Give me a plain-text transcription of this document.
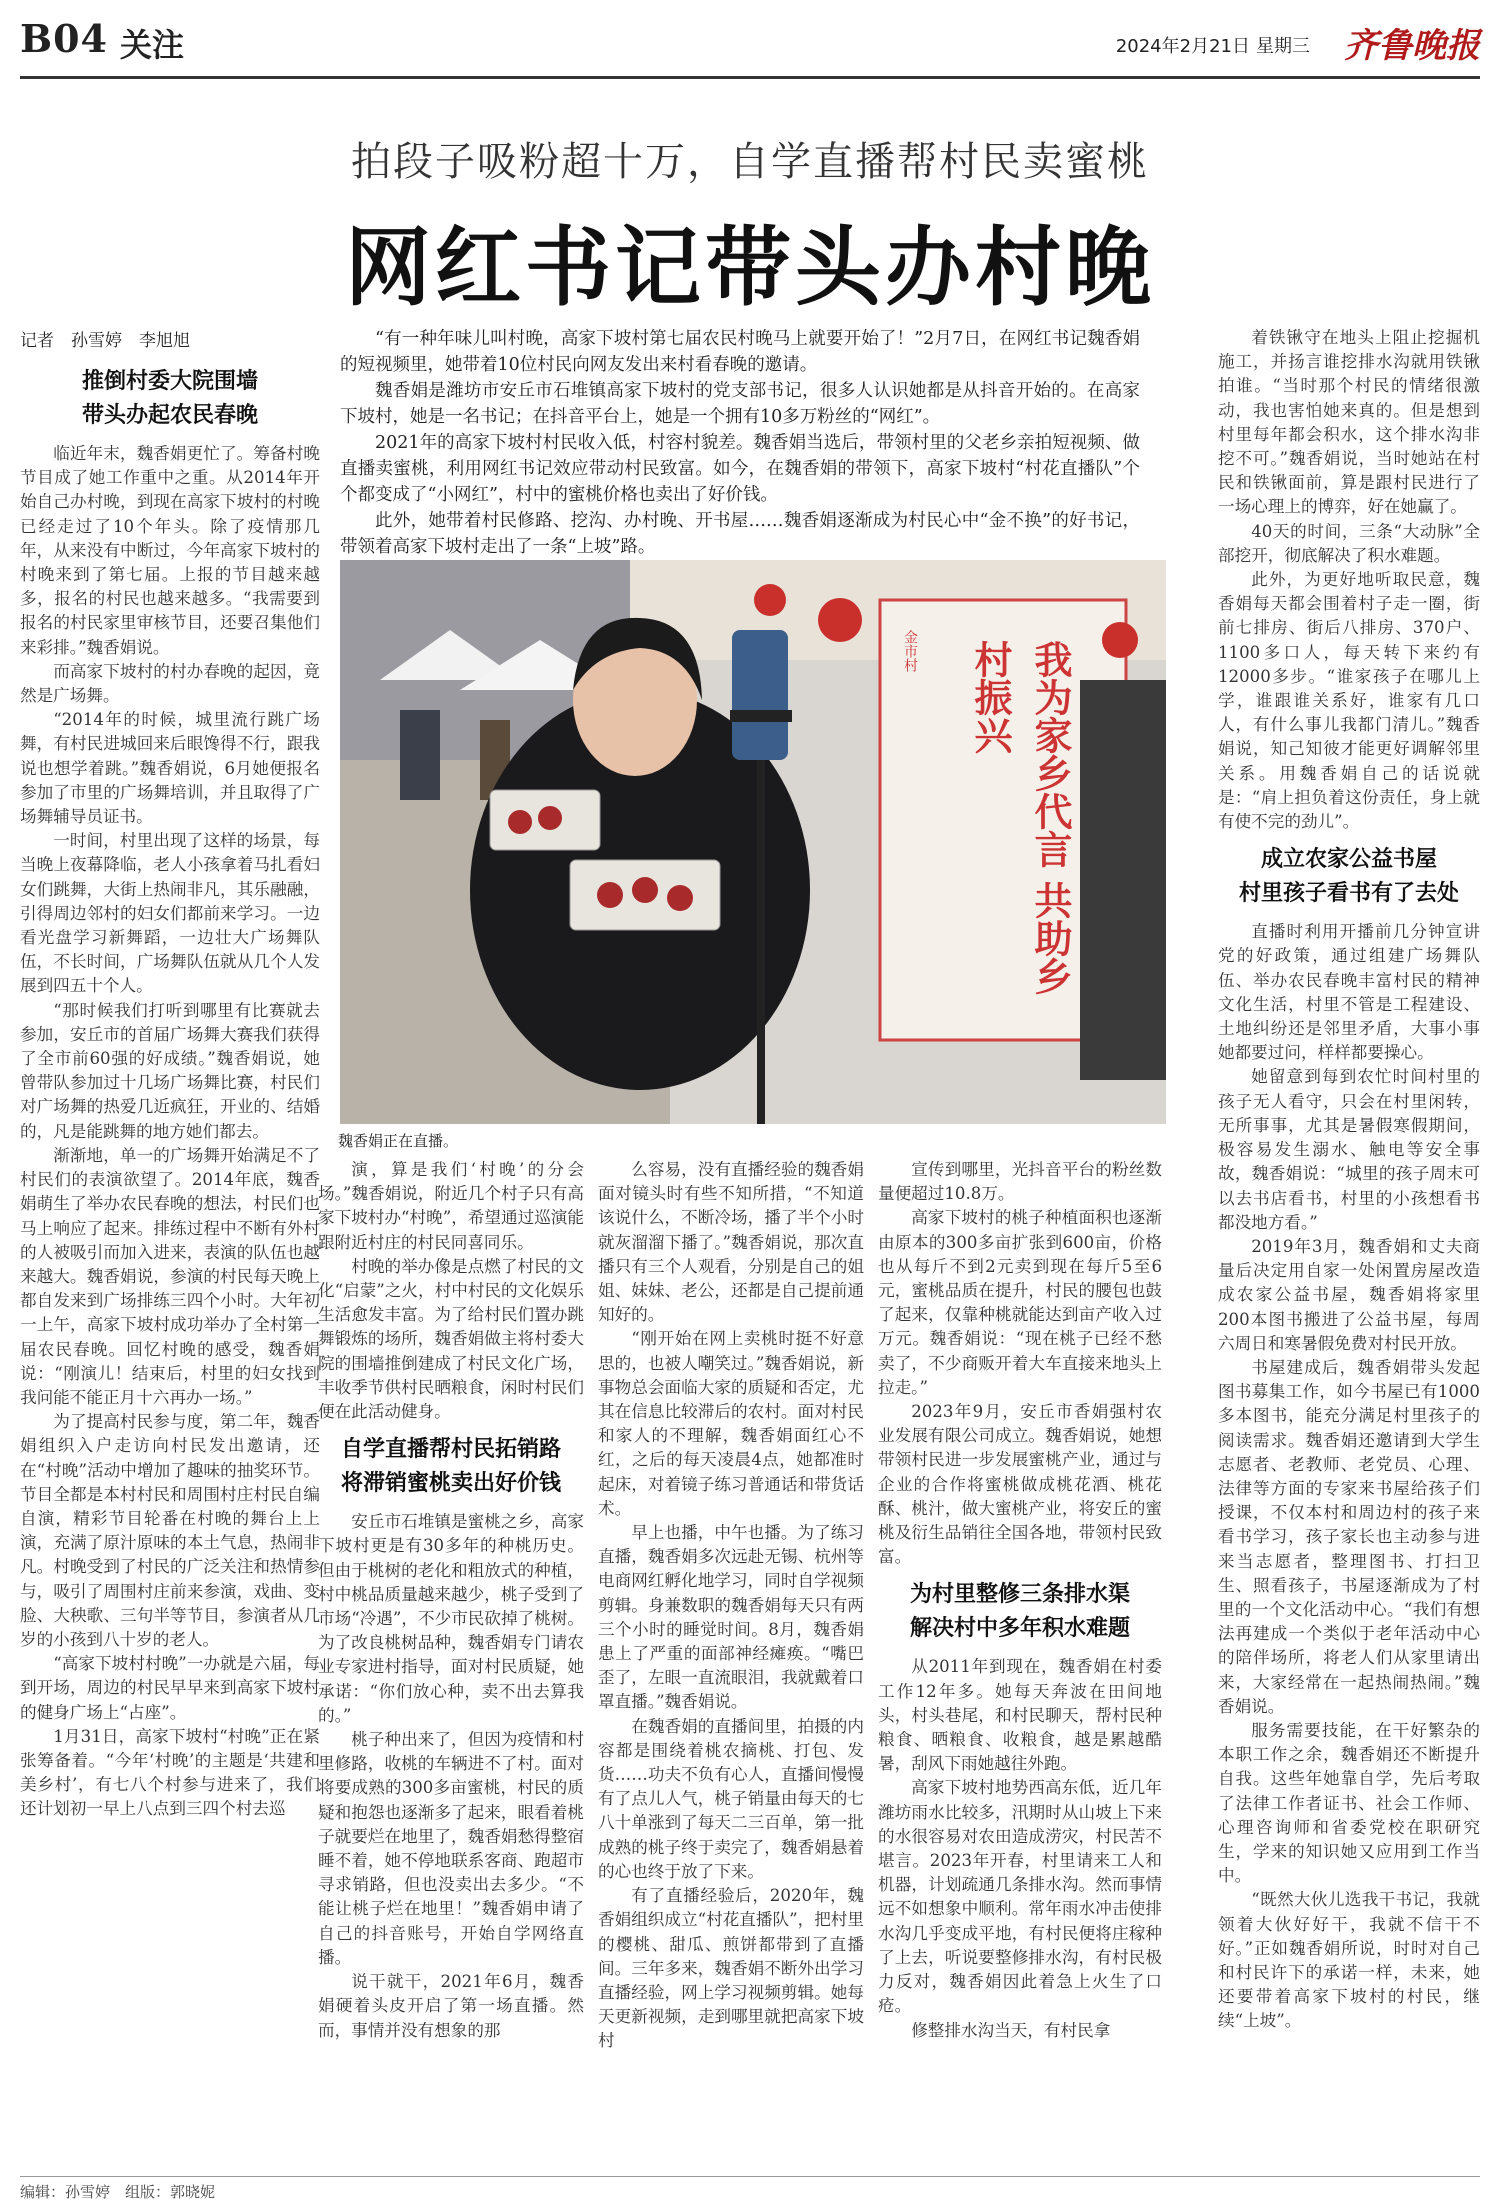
B04 关注	2024年2月21日 星期三 齐鲁晚报
拍段子吸粉超十万，自学直播帮村民卖蜜桃
网红书记带头办村晚
记者　孙雪婷　李旭旭	“有一种年味儿叫村晚，高家下坡村第七届农民村晚马上就要开始了！”2月7日，在网红书记魏香娟的短视频里，她带着10位村民向网友发出来村看春晚的邀请。

魏香娟是潍坊市安丘市石堆镇高家下坡村的党支部书记，很多人认识她都是从抖音开始的。在高家下坡村，她是一名书记；在抖音平台上，她是一个拥有10多万粉丝的“网红”。

2021年的高家下坡村村民收入低，村容村貌差。魏香娟当选后，带领村里的父老乡亲拍短视频、做直播卖蜜桃，利用网红书记效应带动村民致富。如今，在魏香娟的带领下，高家下坡村“村花直播队”个个都变成了“小网红”，村中的蜜桃价格也卖出了好价钱。

此外，她带着村民修路、挖沟、办村晚、开书屋……魏香娟逐渐成为村民心中“金不换”的好书记，带领着高家下坡村走出了一条“上坡”路。

金市村	我为家乡代言 共助乡村振兴
魏香娟正在直播。
推倒村委大院围墙
带头办起农民春晚

临近年末，魏香娟更忙了。筹备村晚节目成了她工作重中之重。从2014年开始自己办村晚，到现在高家下坡村的村晚已经走过了10个年头。除了疫情那几年，从来没有中断过，今年高家下坡村的村晚来到了第七届。上报的节目越来越多，报名的村民也越来越多。“我需要到报名的村民家里审核节目，还要召集他们来彩排。”魏香娟说。

而高家下坡村的村办春晚的起因，竟然是广场舞。

“2014年的时候，城里流行跳广场舞，有村民进城回来后眼馋得不行，跟我说也想学着跳。”魏香娟说，6月她便报名参加了市里的广场舞培训，并且取得了广场舞辅导员证书。

一时间，村里出现了这样的场景，每当晚上夜幕降临，老人小孩拿着马扎看妇女们跳舞，大街上热闹非凡，其乐融融，引得周边邻村的妇女们都前来学习。一边看光盘学习新舞蹈，一边壮大广场舞队伍，不长时间，广场舞队伍就从几个人发展到四五十个人。

“那时候我们打听到哪里有比赛就去参加，安丘市的首届广场舞大赛我们获得了全市前60强的好成绩。”魏香娟说，她曾带队参加过十几场广场舞比赛，村民们对广场舞的热爱几近疯狂，开业的、结婚的，凡是能跳舞的地方她们都去。

渐渐地，单一的广场舞开始满足不了村民们的表演欲望了。2014年底，魏香娟萌生了举办农民春晚的想法，村民们也马上响应了起来。排练过程中不断有外村的人被吸引而加入进来，表演的队伍也越来越大。魏香娟说，参演的村民每天晚上都自发来到广场排练三四个小时。大年初一上午，高家下坡村成功举办了全村第一届农民春晚。回忆村晚的感受，魏香娟说：“刚演儿！结束后，村里的妇女找到我问能不能正月十六再办一场。”

为了提高村民参与度，第二年，魏香娟组织入户走访向村民发出邀请，还在“村晚”活动中增加了趣味的抽奖环节。节目全都是本村村民和周围村庄村民自编自演，精彩节目轮番在村晚的舞台上上演，充满了原汁原味的本土气息，热闹非凡。村晚受到了村民的广泛关注和热情参与，吸引了周围村庄前来参演，戏曲、变脸、大秧歌、三句半等节目，参演者从几岁的小孩到八十岁的老人。

“高家下坡村村晚”一办就是六届，每到开场，周边的村民早早来到高家下坡村的健身广场上“占座”。

1月31日，高家下坡村“村晚”正在紧张筹备着。“今年‘村晚’的主题是‘共建和美乡村’，有七八个村参与进来了，我们还计划初一早上八点到三四个村去巡

演，算是我们‘村晚’的分会场。”魏香娟说，附近几个村子只有高家下坡村办“村晚”，希望通过巡演能跟附近村庄的村民同喜同乐。

村晚的举办像是点燃了村民的文化“启蒙”之火，村中村民的文化娱乐生活愈发丰富。为了给村民们置办跳舞锻炼的场所，魏香娟做主将村委大院的围墙推倒建成了村民文化广场，丰收季节供村民晒粮食，闲时村民们便在此活动健身。

自学直播帮村民拓销路
将滞销蜜桃卖出好价钱

安丘市石堆镇是蜜桃之乡，高家下坡村更是有30多年的种桃历史。但由于桃树的老化和粗放式的种植，村中桃品质量越来越少，桃子受到了市场“冷遇”，不少市民砍掉了桃树。为了改良桃树品种，魏香娟专门请农业专家进村指导，面对村民质疑，她承诺：“你们放心种，卖不出去算我的。”

桃子种出来了，但因为疫情和村里修路，收桃的车辆进不了村。面对将要成熟的300多亩蜜桃，村民的质疑和抱怨也逐渐多了起来，眼看着桃子就要烂在地里了，魏香娟愁得整宿睡不着，她不停地联系客商、跑超市寻求销路，但也没卖出去多少。“不能让桃子烂在地里！”魏香娟申请了自己的抖音账号，开始自学网络直播。

说干就干，2021年6月，魏香娟硬着头皮开启了第一场直播。然而，事情并没有想象的那

么容易，没有直播经验的魏香娟面对镜头时有些不知所措，“不知道该说什么，不断冷场，播了半个小时就灰溜溜下播了。”魏香娟说，那次直播只有三个人观看，分别是自己的姐姐、妹妹、老公，还都是自己提前通知好的。

“刚开始在网上卖桃时挺不好意思的，也被人嘲笑过。”魏香娟说，新事物总会面临大家的质疑和否定，尤其在信息比较滞后的农村。面对村民和家人的不理解，魏香娟面红心不红，之后的每天凌晨4点，她都准时起床，对着镜子练习普通话和带货话术。

早上也播，中午也播。为了练习直播，魏香娟多次远赴无锡、杭州等电商网红孵化地学习，同时自学视频剪辑。身兼数职的魏香娟每天只有两三个小时的睡觉时间。8月，魏香娟患上了严重的面部神经瘫痪。“嘴巴歪了，左眼一直流眼泪，我就戴着口罩直播。”魏香娟说。

在魏香娟的直播间里，拍摄的内容都是围绕着桃农摘桃、打包、发货……功夫不负有心人，直播间慢慢有了点儿人气，桃子销量由每天的七八十单涨到了每天二三百单，第一批成熟的桃子终于卖完了，魏香娟悬着的心也终于放了下来。

有了直播经验后，2020年，魏香娟组织成立“村花直播队”，把村里的樱桃、甜瓜、煎饼都带到了直播间。三年多来，魏香娟不断外出学习直播经验，网上学习视频剪辑。她每天更新视频，走到哪里就把高家下坡村

宣传到哪里，光抖音平台的粉丝数量便超过10.8万。

高家下坡村的桃子种植面积也逐渐由原本的300多亩扩张到600亩，价格也从每斤不到2元卖到现在每斤5至6元，蜜桃品质在提升，村民的腰包也鼓了起来，仅靠种桃就能达到亩产收入过万元。魏香娟说：“现在桃子已经不愁卖了，不少商贩开着大车直接来地头上拉走。”

2023年9月，安丘市香娟强村农业发展有限公司成立。魏香娟说，她想带领村民进一步发展蜜桃产业，通过与企业的合作将蜜桃做成桃花酒、桃花酥、桃汁，做大蜜桃产业，将安丘的蜜桃及衍生品销往全国各地，带领村民致富。

为村里整修三条排水渠
解决村中多年积水难题

从2011年到现在，魏香娟在村委工作12年多。她每天奔波在田间地头，村头巷尾，和村民聊天，帮村民种粮食、晒粮食、收粮食，越是累越酷暑，刮风下雨她越往外跑。

高家下坡村地势西高东低，近几年潍坊雨水比较多，汛期时从山坡上下来的水很容易对农田造成涝灾，村民苦不堪言。2023年开春，村里请来工人和机器，计划疏通几条排水沟。然而事情远不如想象中顺利。常年雨水冲击使排水沟几乎变成平地，有村民便将庄稼种了上去，听说要整修排水沟，有村民极力反对，魏香娟因此着急上火生了口疮。

修整排水沟当天，有村民拿

着铁锹守在地头上阻止挖掘机施工，并扬言谁挖排水沟就用铁锹拍谁。“当时那个村民的情绪很激动，我也害怕她来真的。但是想到村里每年都会积水，这个排水沟非挖不可。”魏香娟说，当时她站在村民和铁锹面前，算是跟村民进行了一场心理上的博弈，好在她赢了。

40天的时间，三条“大动脉”全部挖开，彻底解决了积水难题。

此外，为更好地听取民意，魏香娟每天都会围着村子走一圈，街前七排房、街后八排房、370户、1100多口人，每天转下来约有12000多步。“谁家孩子在哪儿上学，谁跟谁关系好，谁家有几口人，有什么事儿我都门清儿。”魏香娟说，知己知彼才能更好调解邻里关系。用魏香娟自己的话说就是：“肩上担负着这份责任，身上就有使不完的劲儿”。

成立农家公益书屋
村里孩子看书有了去处

直播时利用开播前几分钟宣讲党的好政策，通过组建广场舞队伍、举办农民春晚丰富村民的精神文化生活，村里不管是工程建设、土地纠纷还是邻里矛盾，大事小事她都要过问，样样都要操心。

她留意到每到农忙时间村里的孩子无人看守，只会在村里闲转，无所事事，尤其是暑假寒假期间，极容易发生溺水、触电等安全事故，魏香娟说：“城里的孩子周末可以去书店看书，村里的小孩想看书都没地方看。”

2019年3月，魏香娟和丈夫商量后决定用自家一处闲置房屋改造成农家公益书屋，魏香娟将家里200本图书搬进了公益书屋，每周六周日和寒暑假免费对村民开放。

书屋建成后，魏香娟带头发起图书募集工作，如今书屋已有1000多本图书，能充分满足村里孩子的阅读需求。魏香娟还邀请到大学生志愿者、老教师、老党员、心理、法律等方面的专家来书屋给孩子们授课，不仅本村和周边村的孩子来看书学习，孩子家长也主动参与进来当志愿者，整理图书、打扫卫生、照看孩子，书屋逐渐成为了村里的一个文化活动中心。“我们有想法再建成一个类似于老年活动中心的陪伴场所，将老人们从家里请出来，大家经常在一起热闹热闹。”魏香娟说。

服务需要技能，在干好繁杂的本职工作之余，魏香娟还不断提升自我。这些年她靠自学，先后考取了法律工作者证书、社会工作师、心理咨询师和省委党校在职研究生，学来的知识她又应用到工作当中。

“既然大伙儿选我干书记，我就领着大伙好好干，我就不信干不好。”正如魏香娟所说，时时对自己和村民许下的承诺一样，未来，她还要带着高家下坡村的村民，继续“上坡”。

编辑：孙雪婷　组版：郭晓妮
